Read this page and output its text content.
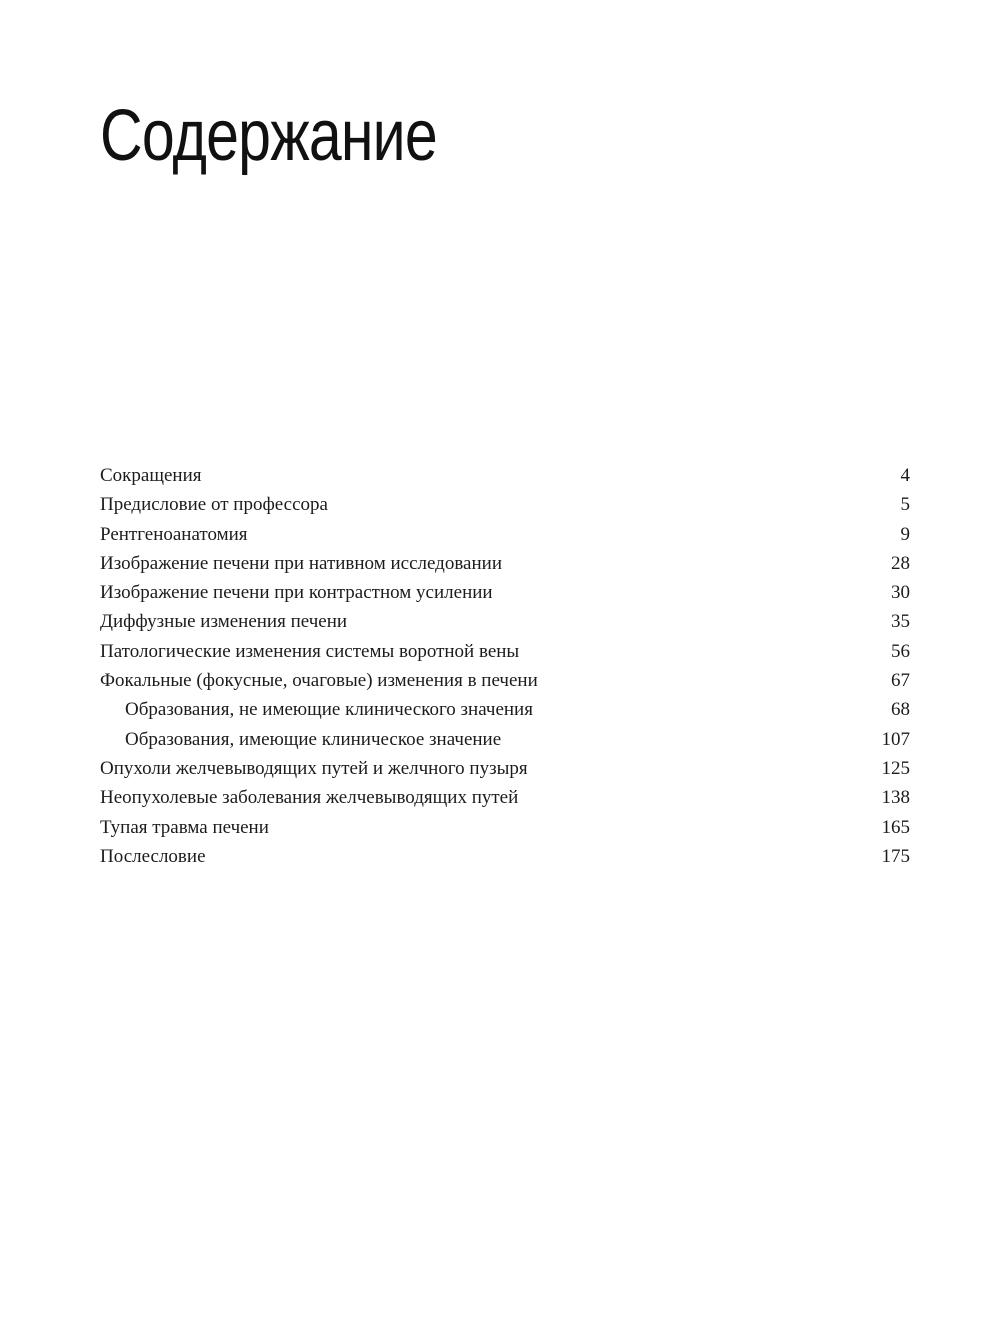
Содержание
Сокращения	4
Предисловие от профессора	5
Рентгеноанатомия	9
Изображение печени при нативном исследовании	28
Изображение печени при контрастном усилении	30
Диффузные изменения печени	35
Патологические изменения системы воротной вены	56
Фокальные (фокусные, очаговые) изменения в печени	67
Образования, не имеющие клинического значения	68
Образования, имеющие клиническое значение	107
Опухоли желчевыводящих путей и желчного пузыря	125
Неопухолевые заболевания желчевыводящих путей	138
Тупая травма печени	165
Послесловие	175
